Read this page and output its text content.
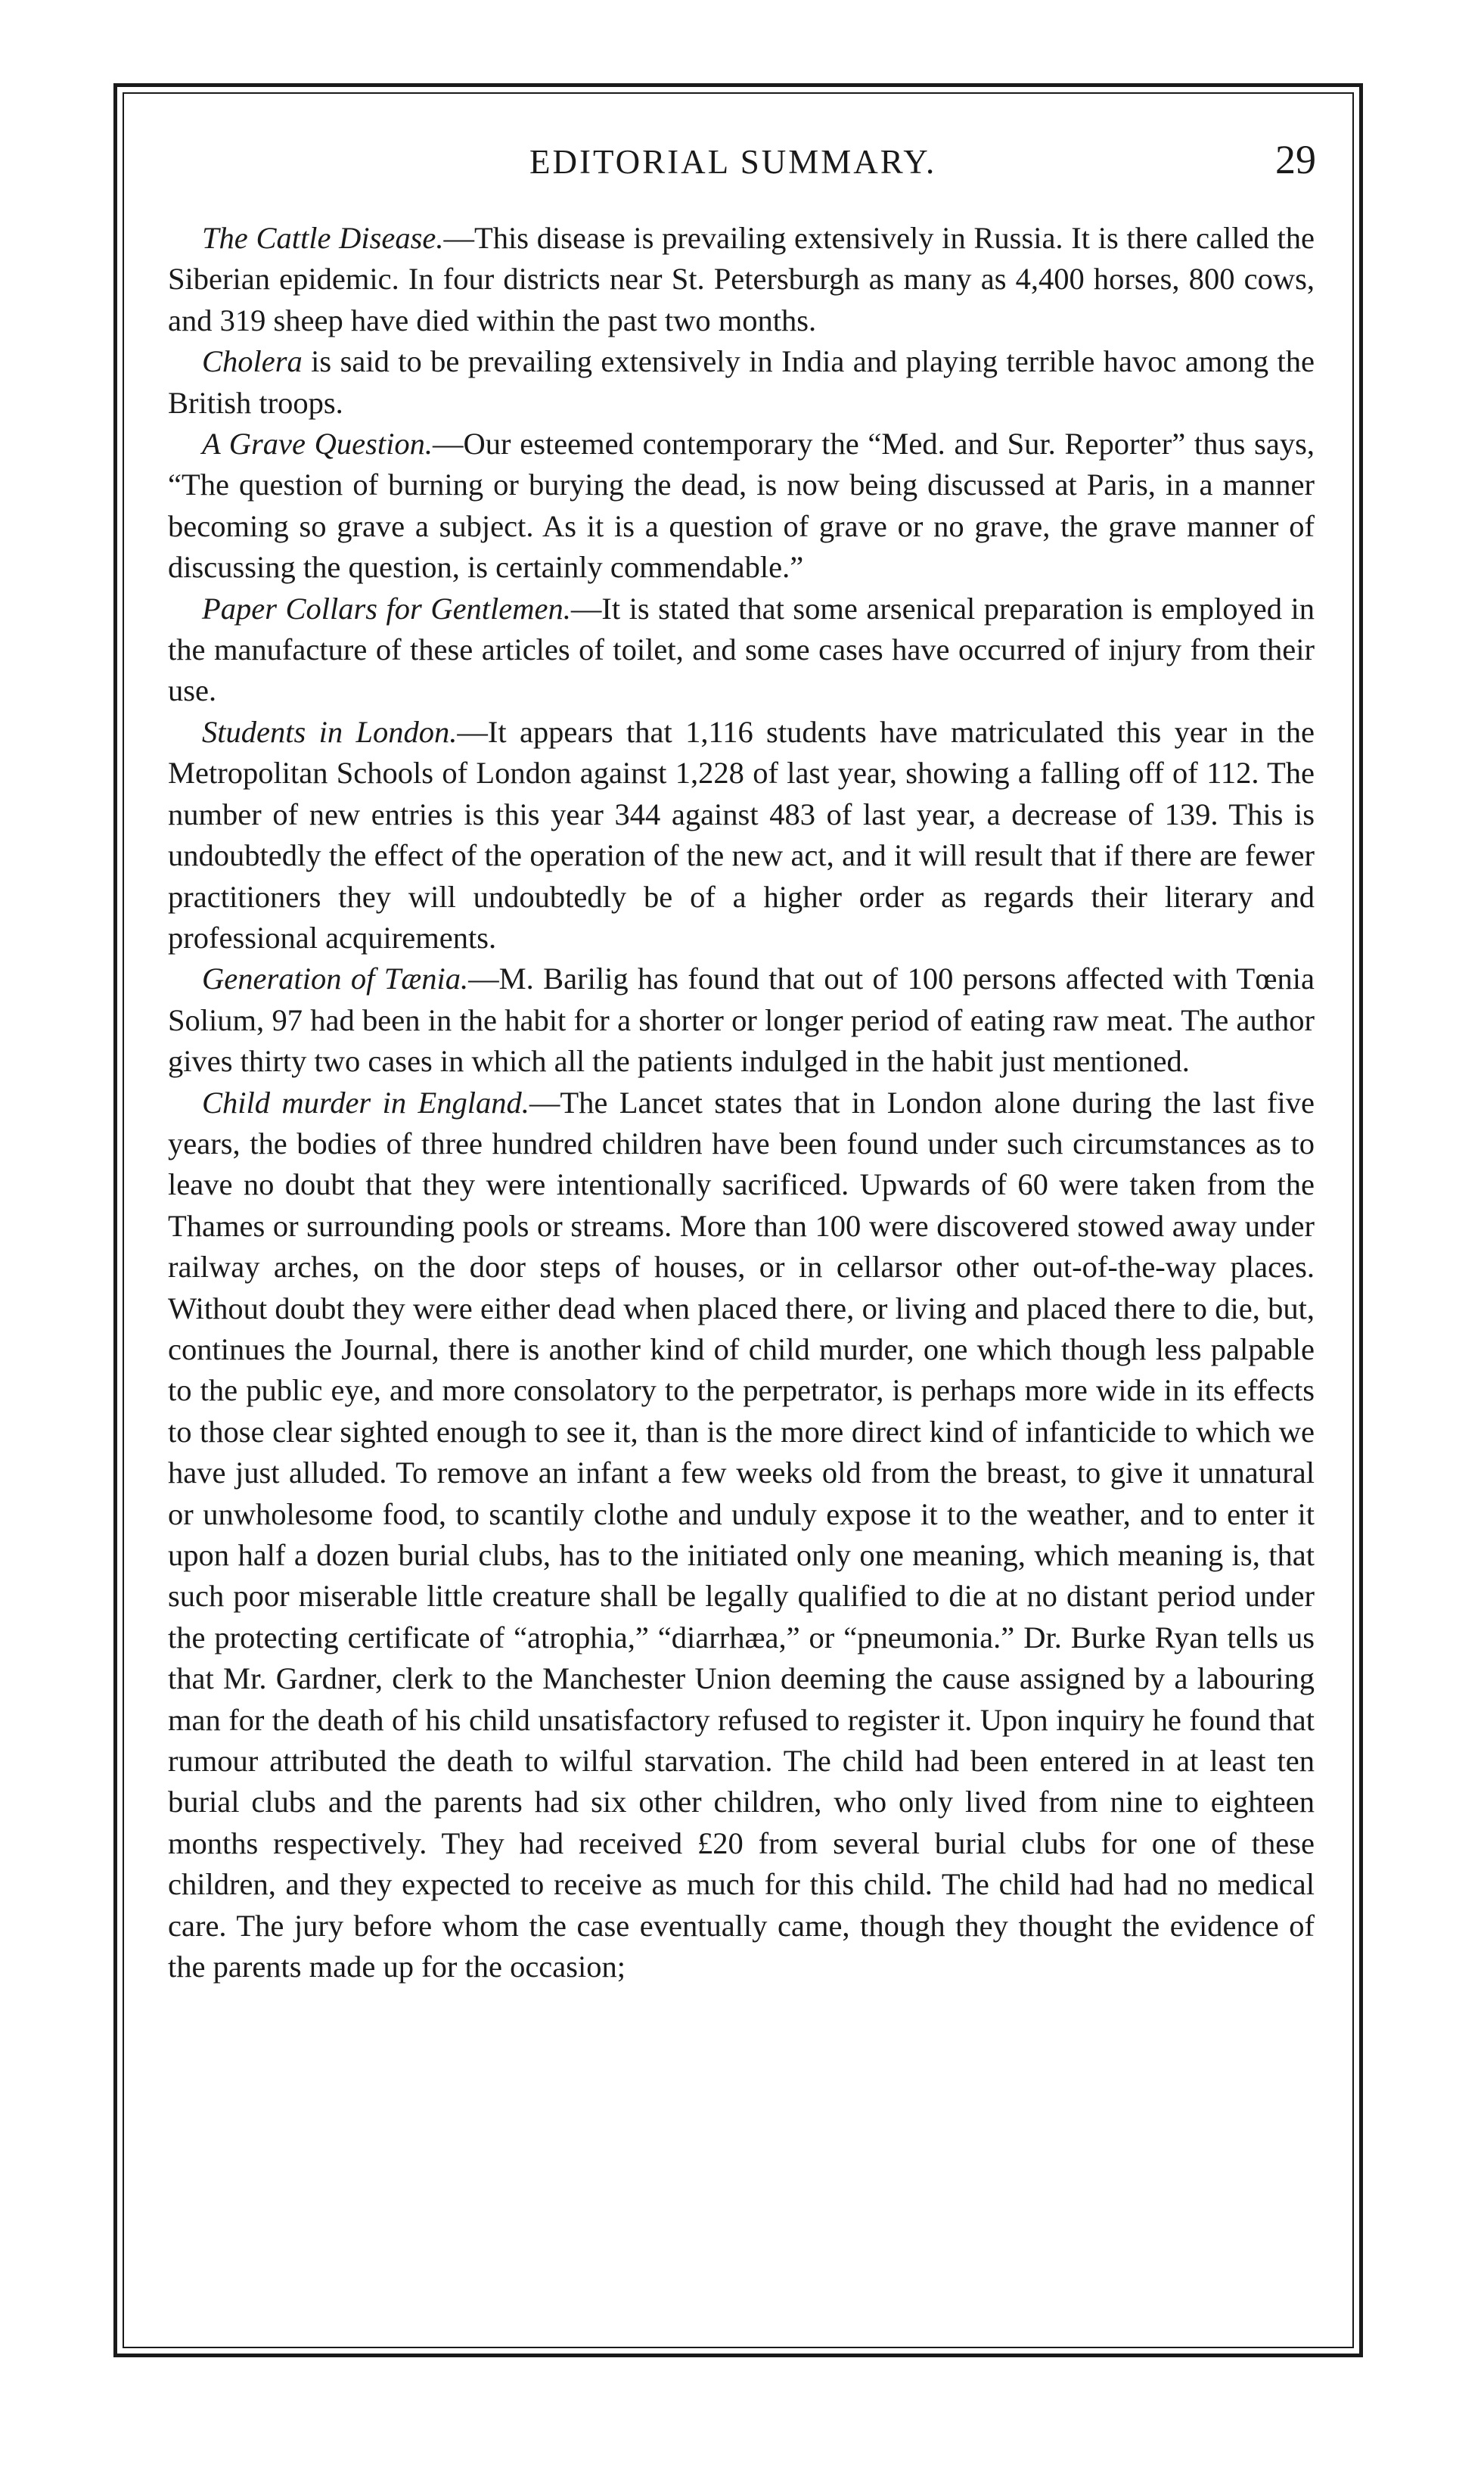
EDITORIAL SUMMARY.	29

The Cattle Disease.—This disease is prevailing extensively in Russia. It is there called the Siberian epidemic. In four districts near St. Petersburgh as many as 4,400 horses, 800 cows, and 319 sheep have died within the past two months.

Cholera is said to be prevailing extensively in India and playing terrible havoc among the British troops.

A Grave Question.—Our esteemed contemporary the “Med. and Sur. Reporter” thus says, “The question of burning or burying the dead, is now being discussed at Paris, in a manner becoming so grave a subject. As it is a question of grave or no grave, the grave manner of discussing the question, is certainly commendable.”

Paper Collars for Gentlemen.—It is stated that some arsenical preparation is employed in the manufacture of these articles of toilet, and some cases have occurred of injury from their use.

Students in London.—It appears that 1,116 students have matriculated this year in the Metropolitan Schools of London against 1,228 of last year, showing a falling off of 112. The number of new entries is this year 344 against 483 of last year, a decrease of 139. This is undoubtedly the effect of the operation of the new act, and it will result that if there are fewer practitioners they will undoubtedly be of a higher order as regards their literary and professional acquirements.

Generation of Tænia.—M. Barilig has found that out of 100 persons affected with Tœnia Solium, 97 had been in the habit for a shorter or longer period of eating raw meat. The author gives thirty two cases in which all the patients indulged in the habit just mentioned.

Child murder in England.—The Lancet states that in London alone during the last five years, the bodies of three hundred children have been found under such circumstances as to leave no doubt that they were intentionally sacrificed. Upwards of 60 were taken from the Thames or surrounding pools or streams. More than 100 were discovered stowed away under railway arches, on the door steps of houses, or in cellarsor other out-of-the-way places. Without doubt they were either dead when placed there, or living and placed there to die, but, continues the Journal, there is another kind of child murder, one which though less palpable to the public eye, and more consolatory to the perpetrator, is perhaps more wide in its effects to those clear sighted enough to see it, than is the more direct kind of infanticide to which we have just alluded. To remove an infant a few weeks old from the breast, to give it unnatural or unwholesome food, to scantily clothe and unduly expose it to the weather, and to enter it upon half a dozen burial clubs, has to the initiated only one meaning, which meaning is, that such poor miserable little creature shall be legally qualified to die at no distant period under the protecting certificate of “atrophia,” “diarrhæa,” or “pneumonia.” Dr. Burke Ryan tells us that Mr. Gardner, clerk to the Manchester Union deeming the cause assigned by a labouring man for the death of his child unsatisfactory refused to register it. Upon inquiry he found that rumour attributed the death to wilful starvation. The child had been entered in at least ten burial clubs and the parents had six other children, who only lived from nine to eighteen months respectively. They had received £20 from several burial clubs for one of these children, and they expected to receive as much for this child. The child had had no medical care. The jury before whom the case eventually came, though they thought the evidence of the parents made up for the occasion;
